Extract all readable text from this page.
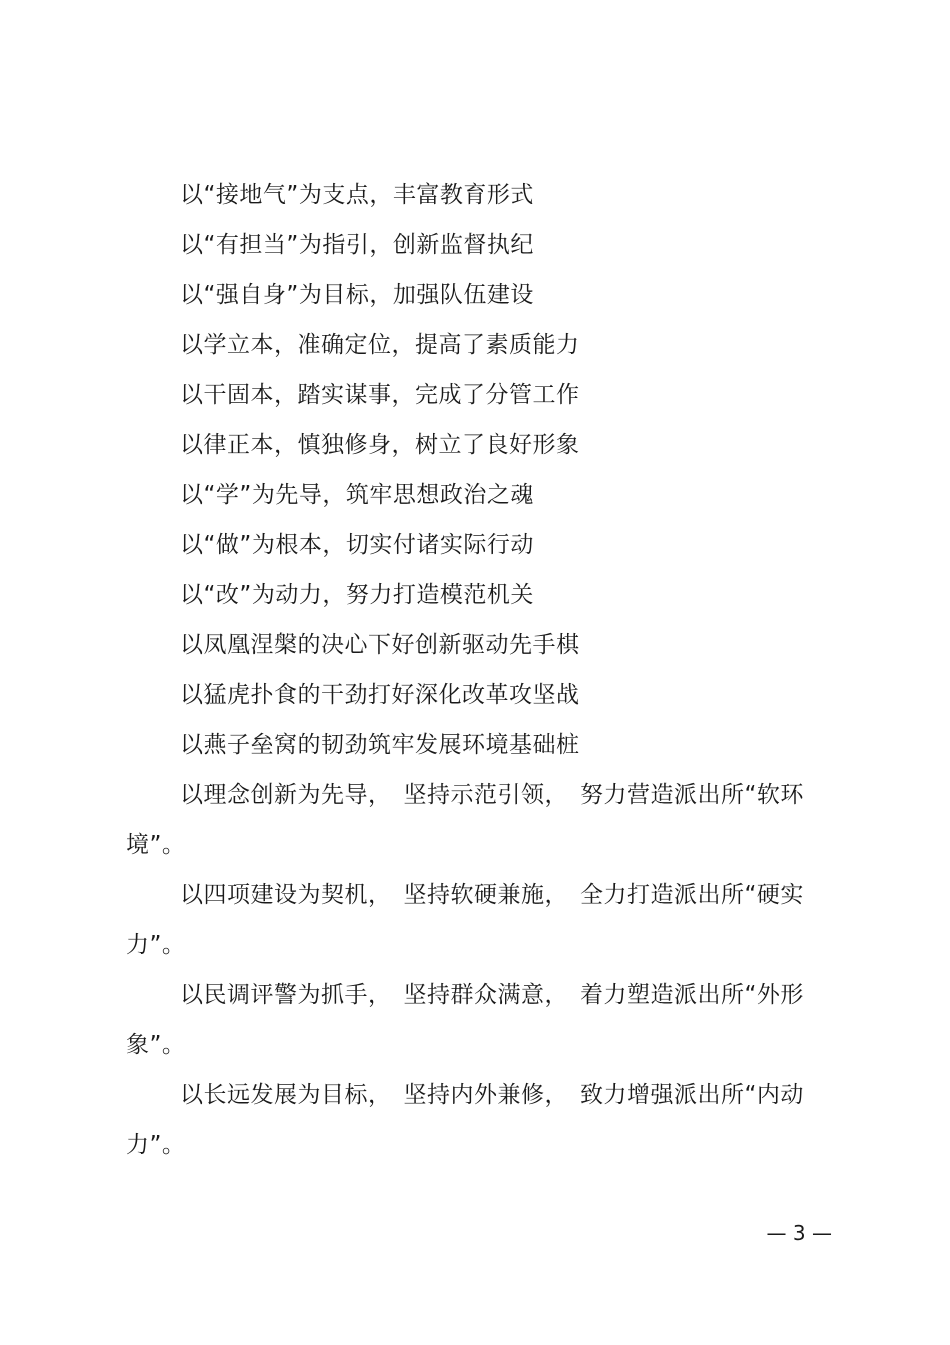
以“接地气”为支点，丰富教育形式
以“有担当”为指引，创新监督执纪
以“强自身”为目标，加强队伍建设
以学立本，准确定位，提高了素质能力
以干固本，踏实谋事，完成了分管工作
以律正本，慎独修身，树立了良好形象
以“学”为先导，筑牢思想政治之魂
以“做”为根本，切实付诸实际行动
以“改”为动力，努力打造模范机关
以凤凰涅槃的决心下好创新驱动先手棋
以猛虎扑食的干劲打好深化改革攻坚战
以燕子垒窝的韧劲筑牢发展环境基础桩
以理念创新为先导，　坚持示范引领，　努力营造派出所“软环境”。
以四项建设为契机，　坚持软硬兼施，　全力打造派出所“硬实力”。
以民调评警为抓手，　坚持群众满意，　着力塑造派出所“外形象”。
以长远发展为目标，　坚持内外兼修，　致力增强派出所“内动力”。
— 3 —
